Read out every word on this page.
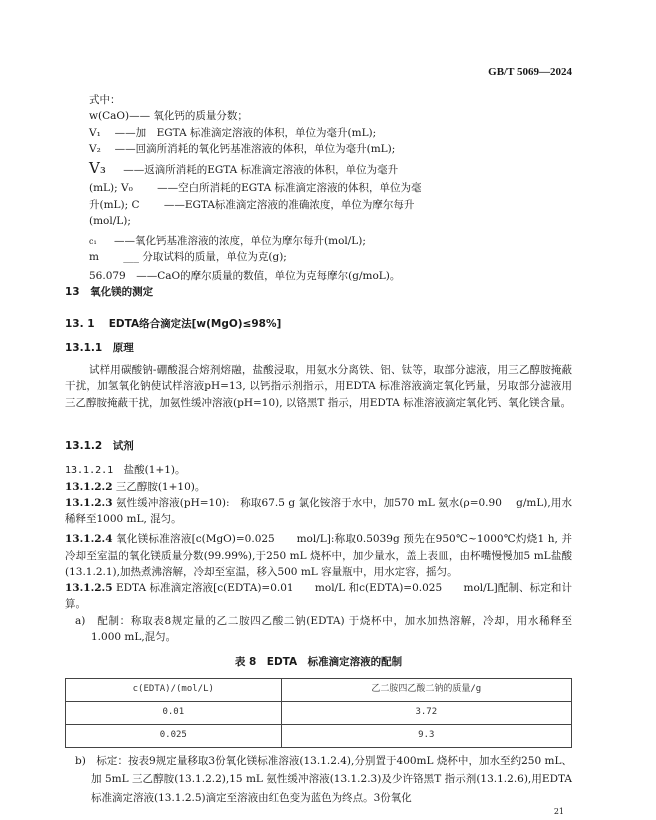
GB/T 5069—2024
式中：
w(CaO)—— 氧化钙的质量分数；
V₁　 ——加　EGTA 标准滴定溶液的体积，单位为毫升(mL);
V₂　 ——回滴所消耗的氧化钙基准溶液的体积，单位为毫升(mL);
V₃ ——返滴所消耗的EGTA 标准滴定溶液的体积，单位为毫升
(mL); V₀　　 ——空白所消耗的EGTA 标准滴定溶液的体积，单位为毫
升(mL); C　　 ——EGTA标准滴定溶液的准确浓度，单位为摩尔每升
(mol/L);
c₁ ——氧化钙基准溶液的浓度，单位为摩尔每升(mol/L);
m　　 ___ 分取试料的质量，单位为克(g);
56.079　——CaO的摩尔质量的数值，单位为克每摩尔(g/moL)。
13　氧化镁的测定
13. 1　 EDTA络合滴定法[w(MgO)≤98%]
13.1.1　原理

试样用碳酸钠-硼酸混合熔剂熔融，盐酸浸取，用氨水分离铁、铝、钛等，取部分滤液，用三乙醇胺掩蔽干扰，加氢氧化钠使试样溶液pH=13, 以钙指示剂指示，用EDTA 标准溶液滴定氧化钙量，另取部分滤液用三乙醇胺掩蔽干扰，加氨性缓冲溶液(pH=10), 以铬黑T 指示，用EDTA 标准溶液滴定氧化钙、氧化镁含量。

13.1.2　试剂

13.1.2.1　盐酸(1+1)。

13.1.2.2 三乙醇胺(1+10)。

13.1.2.3 氨性缓冲溶液(pH=10):　称取67.5 g 氯化铵溶于水中，加570 mL 氨水(ρ=0.90　 g/mL),用水稀释至1000 mL, 混匀。

13.1.2.4 氧化镁标准溶液[c(MgO)=0.025　　mol/L]:称取0.5039g 预先在950℃~1000℃灼烧1 h, 并冷却至室温的氧化镁质量分数(99.99%),于250 mL 烧杯中，加少量水，盖上表皿，由杯嘴慢慢加5 mL盐酸(13.1.2.1),加热煮沸溶解，冷却至室温，移入500 mL 容量瓶中，用水定容，摇匀。

13.1.2.5 EDTA 标准滴定溶液[c(EDTA)=0.01　　mol/L 和c(EDTA)=0.025　　mol/L]配制、标定和计算。

a)　配制：称取表8规定量的乙二胺四乙酸二钠(EDTA) 于烧杯中，加水加热溶解，冷却，用水稀释至1.000 mL,混匀。

表 8　EDTA　标准滴定溶液的配制
c(EDTA)/(mol/L)	乙二胺四乙酸二钠的质量/g
0.01	3.72
0.025	9.3

b)　标定：按表9规定量移取3份氧化镁标准溶液(13.1.2.4),分别置于400mL 烧杯中，加水至约250 mL、加 5mL 三乙醇胺(13.1.2.2),15 mL 氨性缓冲溶液(13.1.2.3)及少许铬黑T 指示剂(13.1.2.6),用EDTA 标准滴定溶液(13.1.2.5)滴定至溶液由红色变为蓝色为终点。3份氧化

21
